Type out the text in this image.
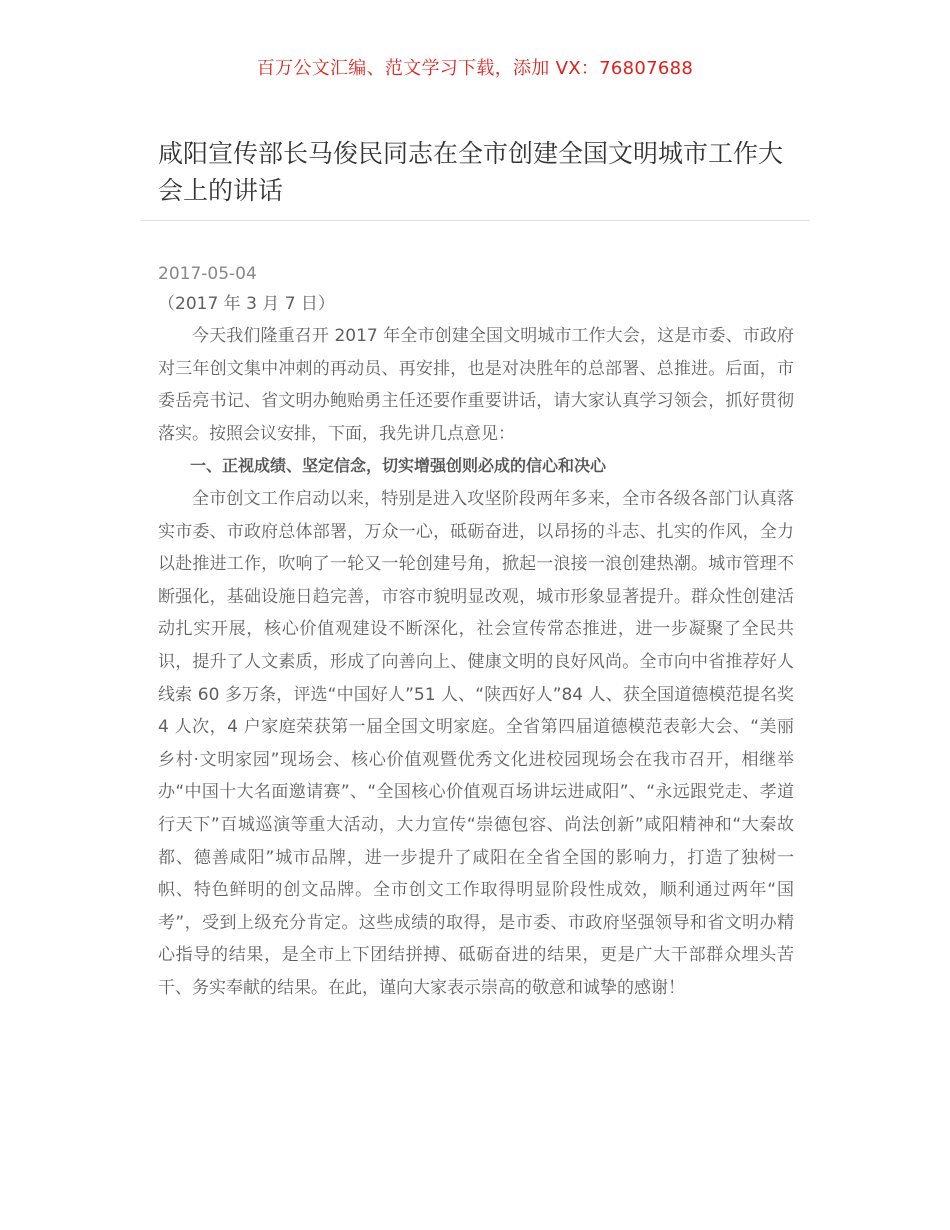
百万公文汇编、范文学习下载，添加 VX：76807688
咸阳宣传部长马俊民同志在全市创建全国文明城市工作大会上的讲话
2017-05-04

（2017 年 3 月 7 日）

今天我们隆重召开 2017 年全市创建全国文明城市工作大会，这是市委、市政府对三年创文集中冲刺的再动员、再安排，也是对决胜年的总部署、总推进。后面，市委岳亮书记、省文明办鲍贻勇主任还要作重要讲话，请大家认真学习领会，抓好贯彻落实。按照会议安排，下面，我先讲几点意见：

一、正视成绩、坚定信念，切实增强创则必成的信心和决心

全市创文工作启动以来，特别是进入攻坚阶段两年多来，全市各级各部门认真落实市委、市政府总体部署，万众一心，砥砺奋进，以昂扬的斗志、扎实的作风，全力以赴推进工作，吹响了一轮又一轮创建号角，掀起一浪接一浪创建热潮。城市管理不断强化，基础设施日趋完善，市容市貌明显改观，城市形象显著提升。群众性创建活动扎实开展，核心价值观建设不断深化，社会宣传常态推进，进一步凝聚了全民共识，提升了人文素质，形成了向善向上、健康文明的良好风尚。全市向中省推荐好人线索 60 多万条，评选“中国好人”51 人、“陕西好人”84 人、获全国道德模范提名奖 4 人次，4 户家庭荣获第一届全国文明家庭。全省第四届道德模范表彰大会、“美丽乡村·文明家园”现场会、核心价值观暨优秀文化进校园现场会在我市召开，相继举办“中国十大名面邀请赛”、“全国核心价值观百场讲坛进咸阳”、“永远跟党走、孝道行天下”百城巡演等重大活动，大力宣传“崇德包容、尚法创新”咸阳精神和“大秦故都、德善咸阳”城市品牌，进一步提升了咸阳在全省全国的影响力，打造了独树一帜、特色鲜明的创文品牌。全市创文工作取得明显阶段性成效，顺利通过两年“国考”，受到上级充分肯定。这些成绩的取得，是市委、市政府坚强领导和省文明办精心指导的结果，是全市上下团结拼搏、砥砺奋进的结果，更是广大干部群众埋头苦干、务实奉献的结果。在此，谨向大家表示崇高的敬意和诚挚的感谢！
